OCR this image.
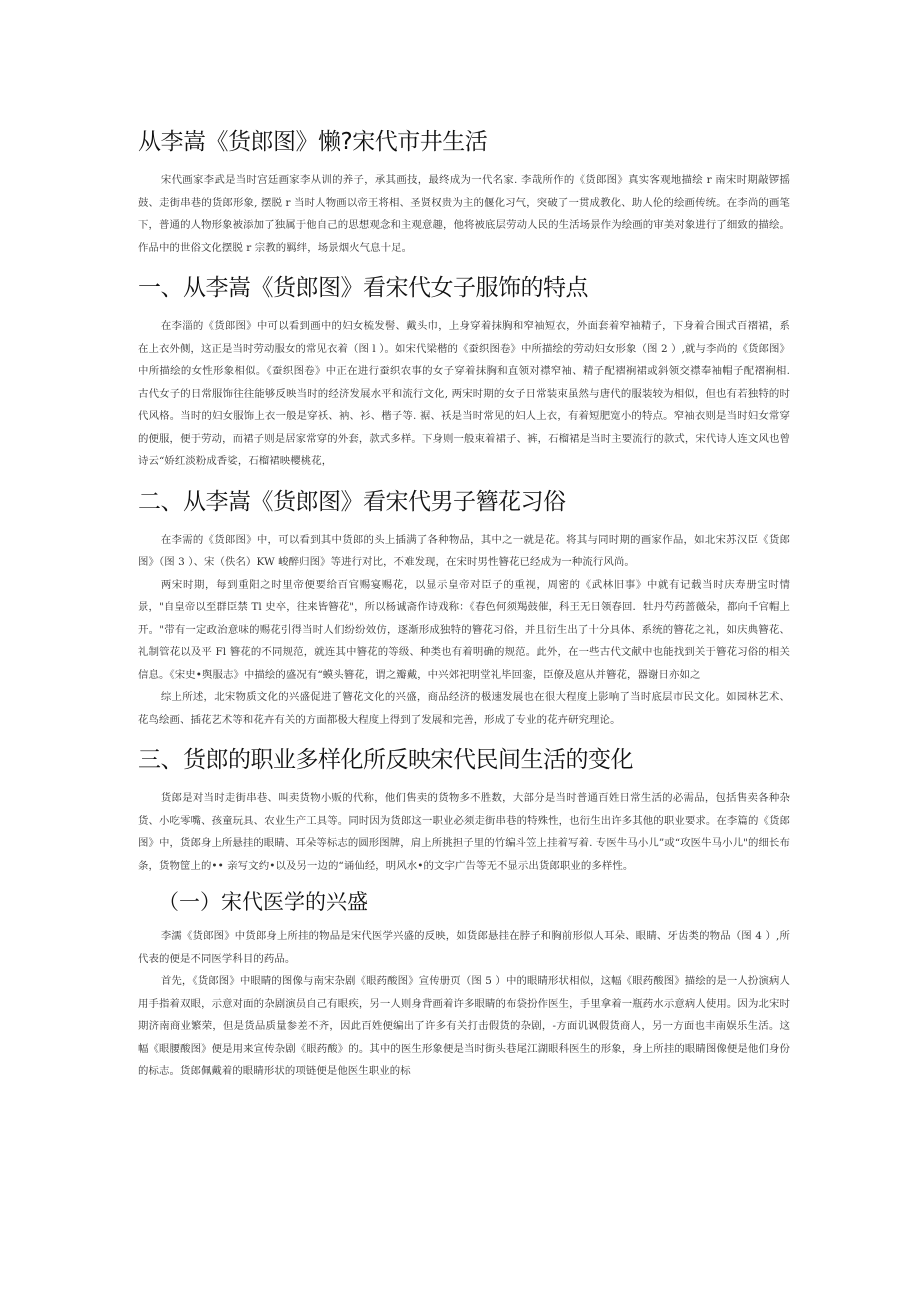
从李嵩《货郎图》懒?宋代市井生活

宋代画家李武是当时宫廷画家李从训的养子，承其画技，最终成为一代名家. 李哉所作的《货郎图》真实客观地描绘 r 南宋时期敲锣摇鼓、走街串巷的货郎形象, 摆脱 r 当时人物画以帝王将相、圣贤权贵为主的偃化习气，突破了一贯成教化、助人伦的绘画传统。在李尚的画笔下，普通的人物形象被添加了独属于他自己的思想观念和主观意趣，他将被底层劳动人民的生活场景作为绘画的审美对象进行了细致的描绘。作品中的世俗文化摆脱 r 宗教的羁绊，场景烟火气息十足。

一、从李嵩《货郎图》看宋代女子服饰的特点

在李淄的《货郎图》中可以看到画中的妇女梳发髻、戴头巾，上身穿着抹胸和窄袖短衣，外面套着窄袖精子，下身着合围式百褶裙，系在上衣外侧，这正是当时劳动服女的常见衣着（图 l ）。如宋代梁楷的《蚕织图卷》中所描绘的劳动妇女形象（图 2 ）,就与李尚的《货郎图》中所描绘的女性形象相似。《蚕织图卷》中正在进行蚕织农事的女子穿着抹胸和直领对襟窄袖、精子配褶裥裙或斜领交襟奉袖帽子配褶裥相. 古代女子的日常服饰往往能够反映当时的经济发展水平和流行文化, 两宋时期的女子日常装束虽然与唐代的服装较为相似，但也有若独特的时代风格。当时的妇女服饰上衣一般是穿袄、衲、衫、楷子等. 裾、袄是当时常见的妇人上衣，有着短肥宽小的特点。窄袖衣则是当时妇女常穿的便服，便于劳动，而裙子则是居家常穿的外套，款式多样。下身则一般束着裙子、裤，石榴裙是当时主要流行的款式，宋代诗人连文风也曾诗云“娇红淡粉成香娑，石榴裙映樱桃花，

二、从李嵩《货郎图》看宋代男子簪花习俗

在李需的《货郎图》中，可以看到其中货郎的头上插满了各种物品，其中之一就是花。将其与同时期的画家作品，如北宋苏汉臣《货郎图》（图 3 ）、宋（佚名）KW 峻醉归图》等进行对比，不难发现，在宋时男性簪花已经成为一种流行风尚。

两宋时期，每到重阳之时里帝便要给百官赐宴赐花，以显示皇帝对臣子的重视，周密的《武林旧事》中就有记载当时庆寿册宝时情景，"自皇帝以至群臣禁 Tl 史卒，往来皆簪花"，所以杨诚斋作诗戏称：《春色何须羯鼓催，科王无日领春回．牡丹芍药蔷薇朵，都向千官帽上开。"带有一定政治意味的赐花引得当时人们纷纷效仿，逐渐形成独特的簪花习俗，并且衍生出了十分具体、系统的簪花之礼，如庆典簪花、礼制管花以及平 Fl 簪花的不同规范，就连其中簪花的等级、种类也有着明确的规范。此外，在一些古代文献中也能找到关于簪花习俗的相关信息。《宋史•舆服志》中描绘的盛况有“蟆头簪花，谓之瓣戴，中兴郊祀明堂礼毕回銮，臣僚及扈从并簪花，器谢日亦如之

综上所述，北宋物质文化的兴盛促进了簪花文化的兴盛，商品经济的极速发展也在很大程度上影响了当时底层市民文化。如园林艺术、花鸟绘画、插花艺术等和花卉有关的方面都极大程度上得到了发展和完善，形成了专业的花卉研究理论。

三、货郎的职业多样化所反映宋代民间生活的变化

货郎是对当时走街串巷、叫卖货物小贩的代称，他们售卖的货物多不胜数，大部分是当时普通百姓日常生活的必需品，包括售卖各种杂货、小吃零嘴、孩童玩具、农业生产工具等。同时因为货郎这一职业必须走街串巷的特殊性，也衍生出许多其他的职业要求。在李篇的《货郎图》中，货郎身上所悬挂的眼睛、耳朵等标志的圆形图牌，肩上所挑担子里的竹编斗笠上挂着写着. 专医牛马小儿”或“攻医牛马小儿"的细长布条，货物筐上的•• 亲写文约•以及另一边的“诵仙经，明风水•的文字广告等无不显示出货郎职业的多样性。

（一）宋代医学的兴盛

李濡《货郎图》中货郎身上所挂的物品是宋代医学兴盛的反映，如货郎悬挂在脖子和胸前形似人耳朵、眼睛、牙齿类的物品（图 4 ）,所代表的便是不同医学科目的药品。

首先，《货郎图》中眼睛的图像与南宋杂剧《眼药酸图》宣传册页（图 5 ）中的眼睛形状相似，这幅《眼药酸图》描绘的是一人扮演病人用手指着双眼，示意对面的杂剧演员自己有眼疾，另一人则身背画着许多眼睛的布袋扮作医生，手里拿着一瓶药水示意病人使用。因为北宋时期济南商业繁荣，但是货品质量参差不齐，因此百姓便编出了许多有关打击假货的杂剧，-方面讥讽假货商人，另一方面也丰南娱乐生活。这幅《眼腰酸图》便是用来宣传杂剧《眼药酸》的。其中的医生形象便是当时街头巷尾江湖眼科医生的形象，身上所挂的眼睛图像便是他们身份的标志。货郎佩戴着的眼睛形状的项链便是他医生职业的标
